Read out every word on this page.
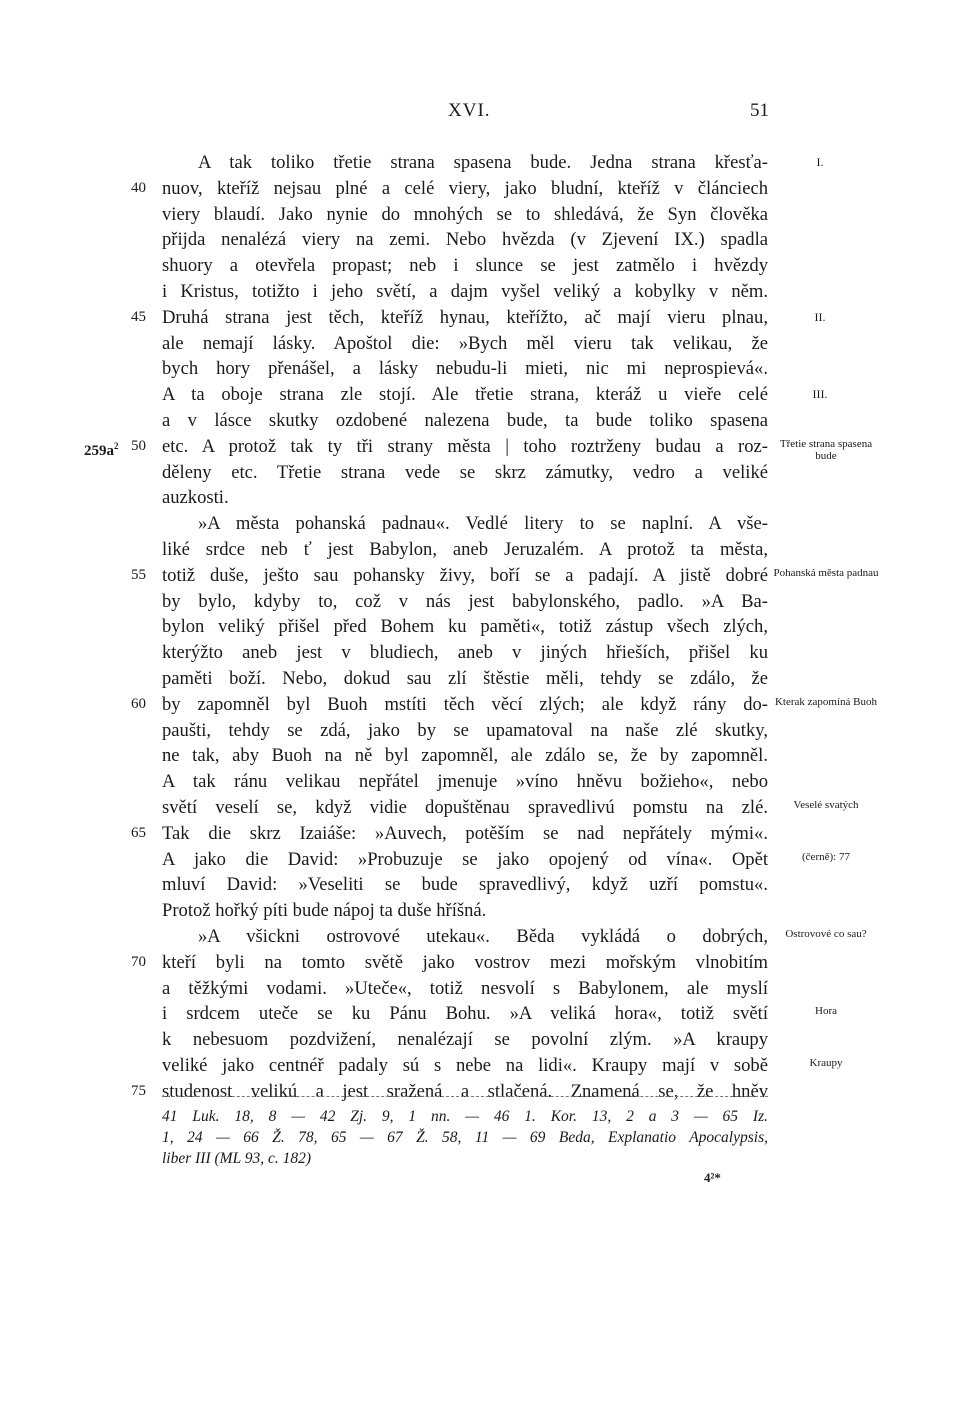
XVI.	51
A tak toliko třetie strana spasena bude. Jedna strana křesťa-	I.
40 nuov, kteříž nejsau plné a celé viery, jako bludní, kteříž v článciech
viery blaudí. Jako nynie do mnohých se to shledává, že Syn člověka
přijda nenalézá viery na zemi. Nebo hvězda (v Zjevení IX.) spadla
shuory a otevřela propast; neb i slunce se jest zatmělo i hvězdy
i Kristus, totižto i jeho světí, a dajm vyšel veliký a kobylky v něm.
45 Druhá strana jest těch, kteříž hynau, kteřížto, ač mají vieru plnau,	II.
ale nemají lásky. Apoštol die: »Bych měl vieru tak velikau, že
bych hory přenášel, a lásky nebudu-li mieti, nic mi neprospievá«.
A ta oboje strana zle stojí. Ale třetie strana, kteráž u vieře celé	III.
a v lásce skutky ozdobené nalezena bude, ta bude toliko spasena
$259a^2$ 50 etc. A protož tak ty tři strany města | toho roztrženy budau a roz-	Třetie strana spasena bude
děleny etc. Třetie strana vede se skrz zámutky, vedro a veliké
auzkosti.
»A města pohanská padnau«. Vedlé litery to se naplní. A vše-
liké srdce neb ť jest Babylon, aneb Jeruzalém. A protož ta města,
55 totiž duše, ješto sau pohansky živy, boří se a padají. A jistě dobré Pohanská města padnau
by bylo, kdyby to, což v nás jest babylonského, padlo. »A Ba-
bylon veliký přišel před Bohem ku paměti«, totiž zástup všech zlých,
kterýžto aneb jest v bludiech, aneb v jiných hřieších, přišel ku
paměti boží. Nebo, dokud sau zlí štěstie měli, tehdy se zdálo, že
60 by zapomněl byl Buoh mstíti těch věcí zlých; ale když rány do- Kterak zapomíná Buoh
paušti, tehdy se zdá, jako by se upamatoval na naše zlé skutky,
ne tak, aby Buoh na ně byl zapomněl, ale zdálo se, že by zapomněl.
A tak ránu velikau nepřátel jmenuje »víno hněvu božieho«, nebo
světí veselí se, když vidie dopuštěnau spravedlivú pomstu na zlé.	Veselé svatých
65 Tak die skrz Izaiáše: »Auvech, potěším se nad nepřátely mými«.
A jako die David: »Probuzuje se jako opojený od vína«. Opět	(černě): 77
mluví David: »Veseliti se bude spravedlivý, když uzří pomstu«.
Protož hořký píti bude nápoj ta duše hříšná.
»A všickni ostrovové utekau«. Běda vykládá o dobrých,	Ostrovové co sau?
70 kteří byli na tomto světě jako vostrov mezi mořským vlnobitím
a těžkými vodami. »Uteče«, totiž nesvolí s Babylonem, ale myslí
i srdcem uteče se ku Pánu Bohu. »A veliká hora«, totiž světí	Hora
k nebesuom pozdvižení, nenalézají se povolní zlým. »A kraupy
veliké jako centnéř padaly sú s nebe na lidi«. Kraupy mají v sobě	Kraupy
75 studenost velikú a jest sražená a stlačená. Znamená se, že hněv
41 Luk. 18, 8 — 42 Zj. 9, 1 nn. — 46 1. Kor. 13, 2 a 3 — 65 Iz.
1, 24 — 66 Ž. 78, 65 — 67 Ž. 58, 11 — 69 Beda, Explanatio Apocalypsis,
liber III (ML 93, c. 182)
4²*
